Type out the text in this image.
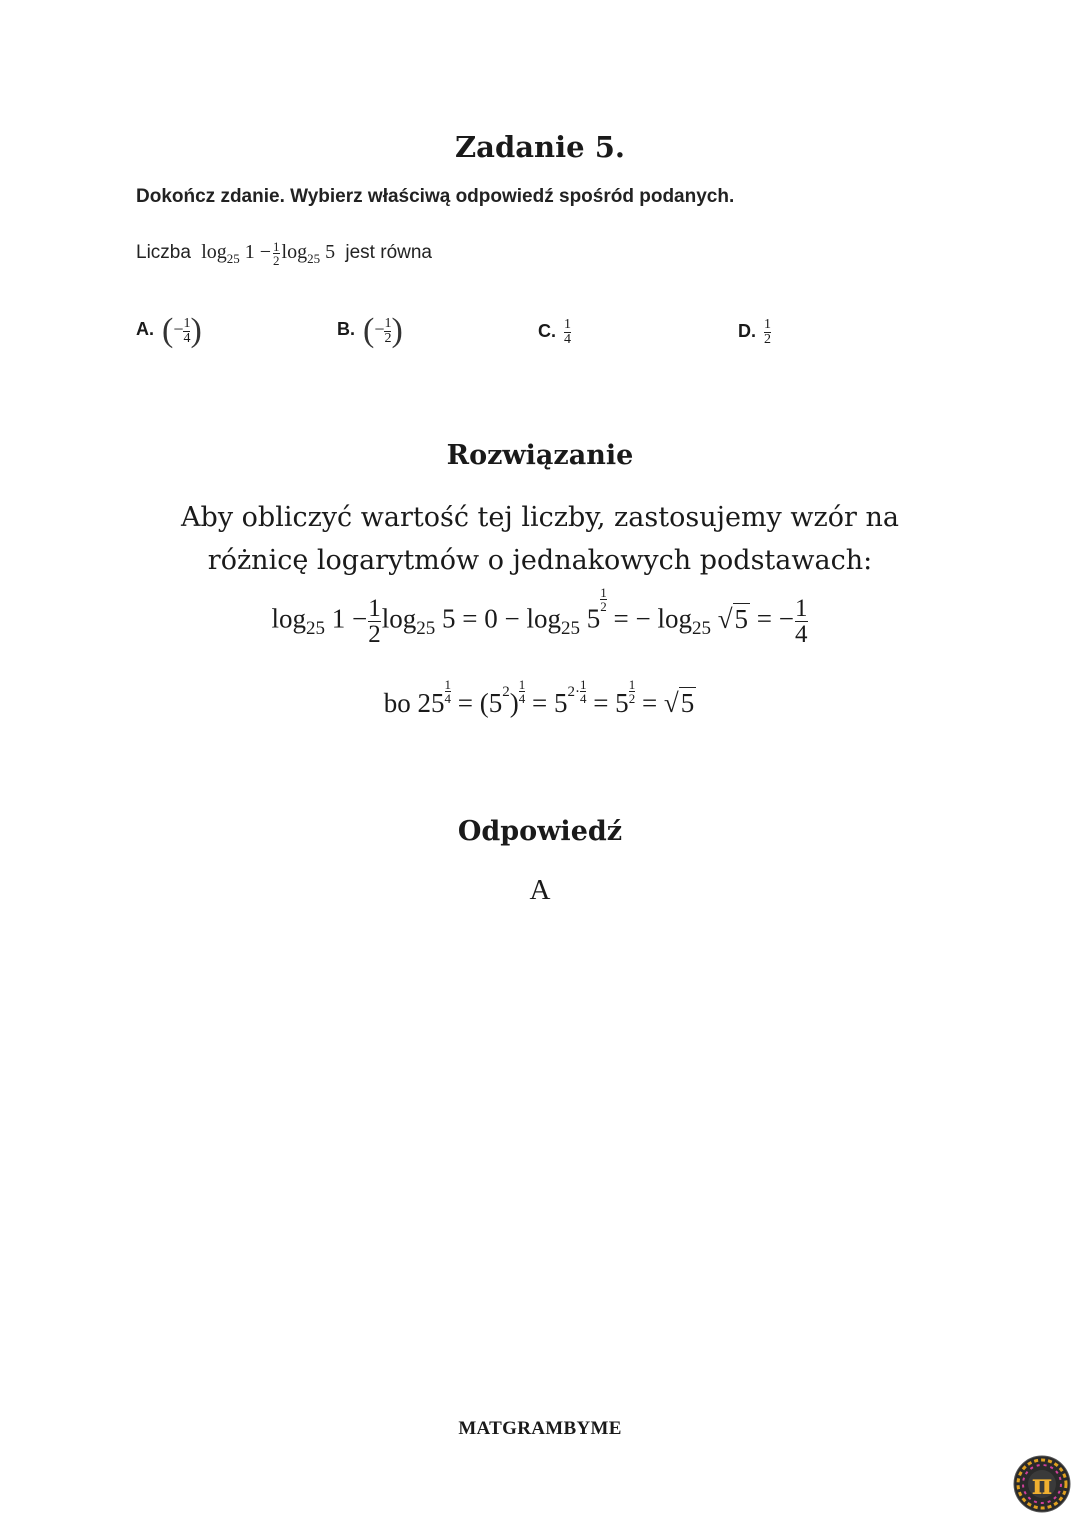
Zadanie 5.
Dokończ zdanie. Wybierz właściwą odpowiedź spośród podanych.
Liczba  $\log_{25} 1 - \frac{1}{2} \log_{25} 5$  jest równa
A. (− $\frac{1}{4}$ )	B. (− $\frac{1}{2}$ )	C. $\frac{1}{4}$	D. $\frac{1}{2}$
Rozwiązanie
Aby obliczyć wartość tej liczby, zastosujemy wzór na różnicę logarytmów o jednakowych podstawach:
$\log_{25} 1 - \frac{1}{2} \log_{25} 5 = 0 - \log_{25} 5$
$\frac{1}{2}$
= − $\log_{25} √5$ = − $\frac{1}{4}$
bo $25 \frac{1}{4} = (5^2) \frac{1}{4} = 5^{2\cdot} \frac{1}{4} = 5 \frac{1}{2} = √5$
Odpowiedź
A
MATGRAMBYME
π
